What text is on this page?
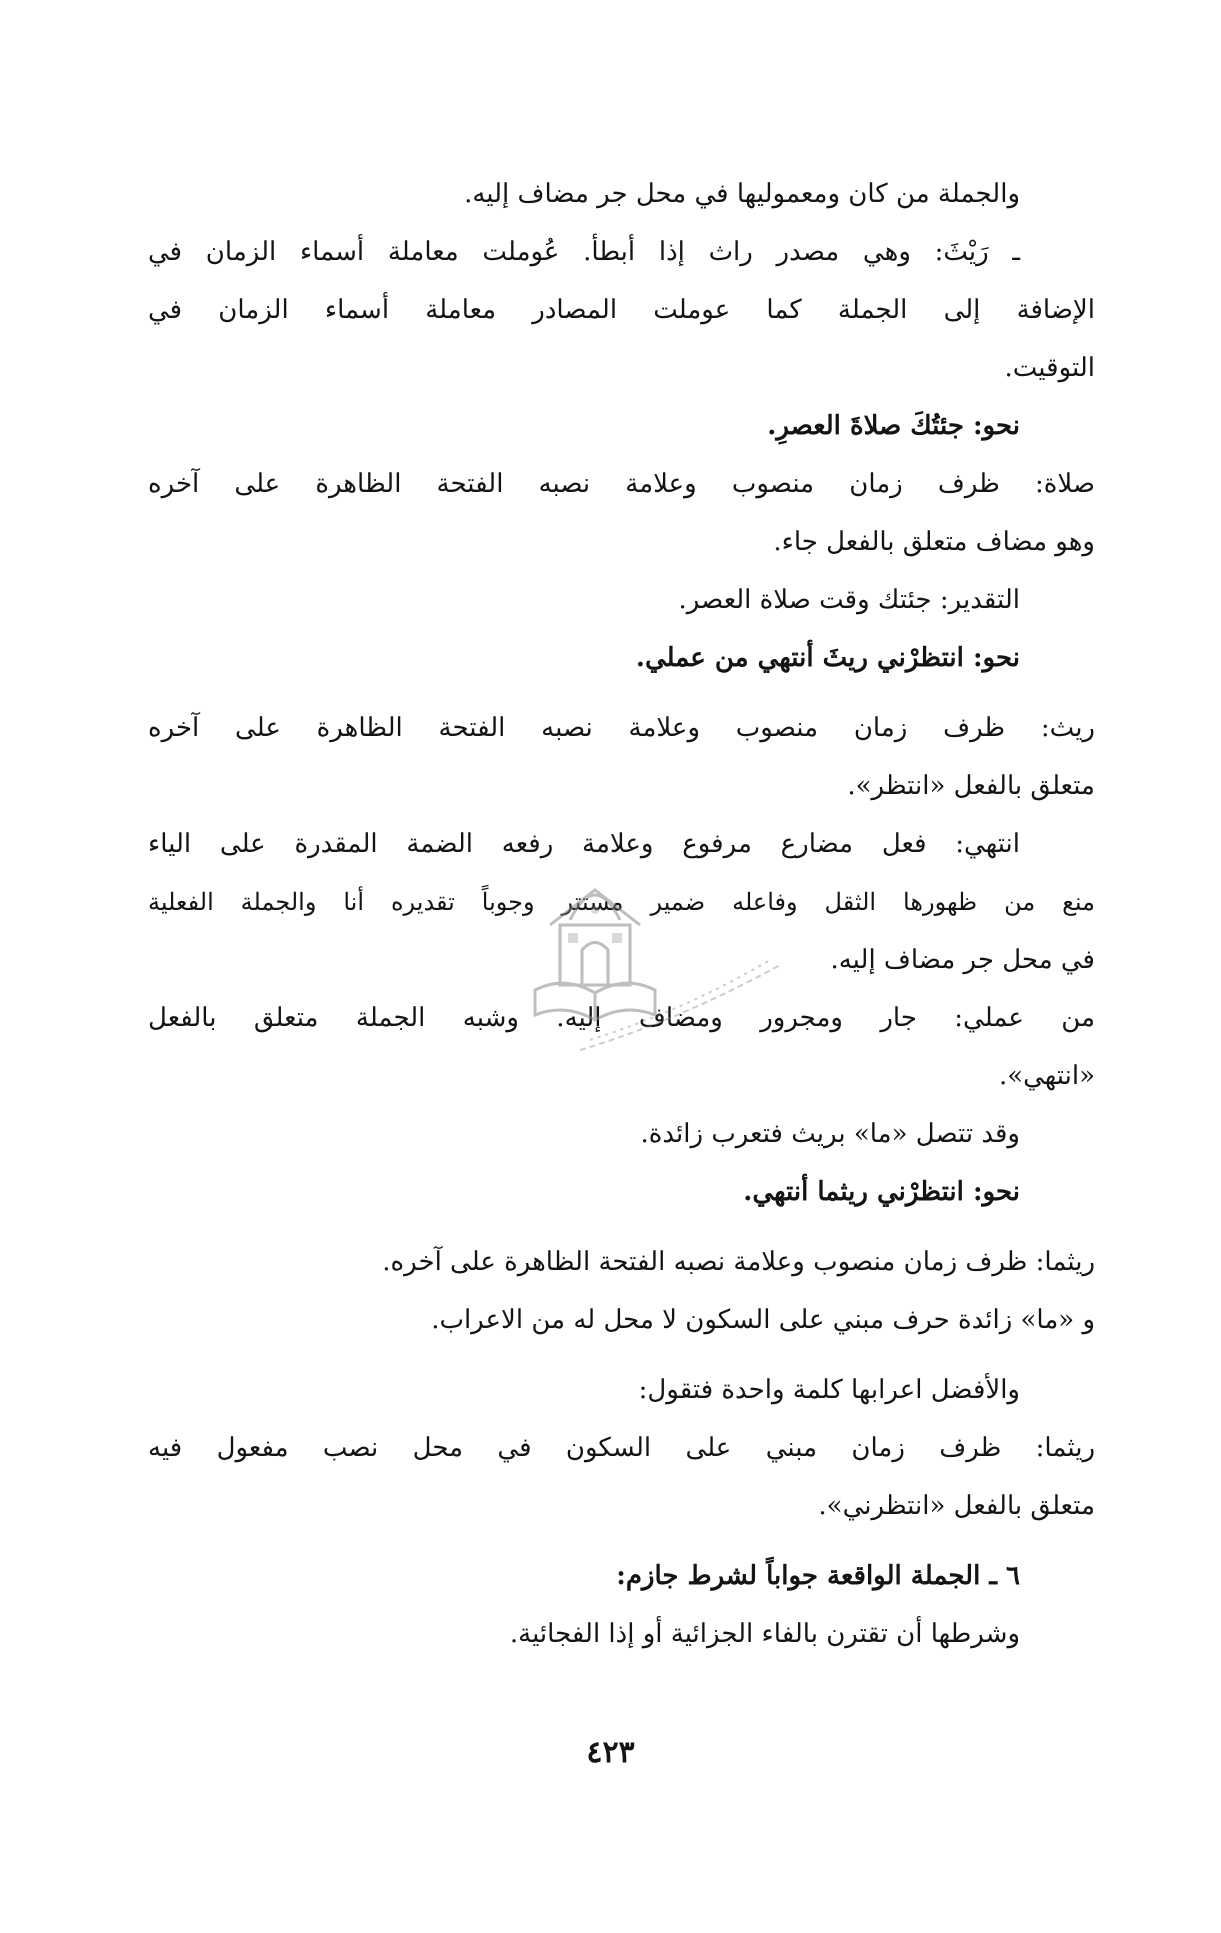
والجملة من كان ومعموليها في محل جر مضاف إليه.
ـ رَيْثَ: وهي مصدر راث إذا أبطأ. عُوملت معاملة أسماء الزمان في
الإضافة إلى الجملة كما عوملت المصادر معاملة أسماء الزمان في
التوقيت.
نحو: جئتُكَ صلاةَ العصرِ.
صلاة: ظرف زمان منصوب وعلامة نصبه الفتحة الظاهرة على آخره
وهو مضاف متعلق بالفعل جاء.
التقدير: جئتك وقت صلاة العصر.
نحو: انتظرْني ريثَ أنتهي من عملي.
ريث: ظرف زمان منصوب وعلامة نصبه الفتحة الظاهرة على آخره
متعلق بالفعل «انتظر».
انتهي: فعل مضارع مرفوع وعلامة رفعه الضمة المقدرة على الياء
منع من ظهورها الثقل وفاعله ضمير مستتر وجوباً تقديره أنا والجملة الفعلية
في محل جر مضاف إليه.
من عملي: جار ومجرور ومضاف إليه. وشبه الجملة متعلق بالفعل
«انتهي».
وقد تتصل «ما» بريث فتعرب زائدة.
نحو: انتظرْني ريثما أنتهي.
ريثما: ظرف زمان منصوب وعلامة نصبه الفتحة الظاهرة على آخره.
و «ما» زائدة حرف مبني على السكون لا محل له من الاعراب.
والأفضل اعرابها كلمة واحدة فتقول:
ريثما: ظرف زمان مبني على السكون في محل نصب مفعول فيه
متعلق بالفعل «انتظرني».
٦ ـ الجملة الواقعة جواباً لشرط جازم:
وشرطها أن تقترن بالفاء الجزائية أو إذا الفجائية.
٤٢٣
